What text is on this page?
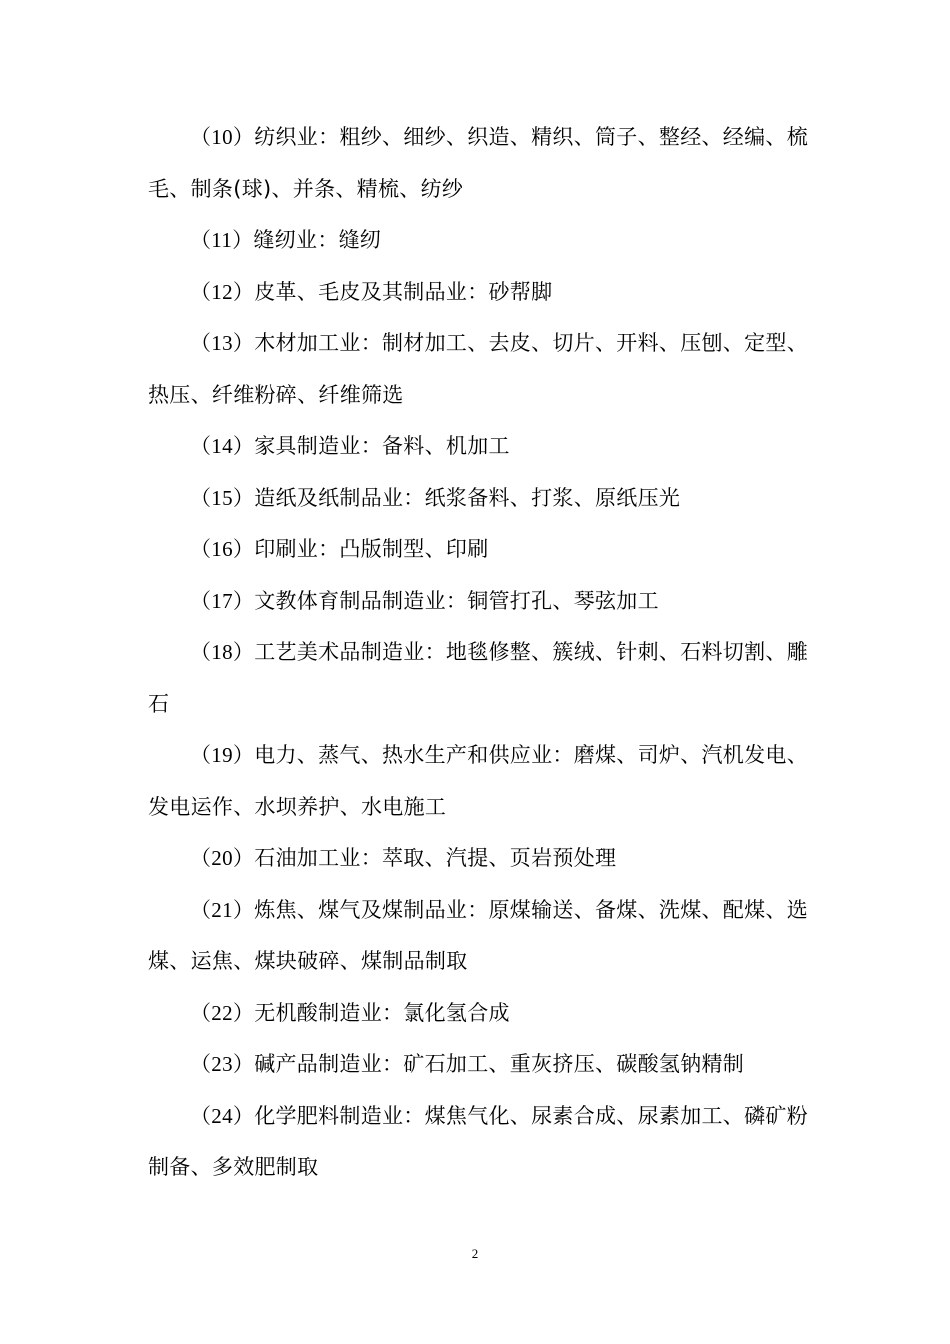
（10）纺织业：粗纱、细纱、织造、精织、筒子、整经、经编、梳毛、制条(球)、并条、精梳、纺纱

（11）缝纫业：缝纫

（12）皮革、毛皮及其制品业：砂帮脚

（13）木材加工业：制材加工、去皮、切片、开料、压刨、定型、热压、纤维粉碎、纤维筛选

（14）家具制造业：备料、机加工

（15）造纸及纸制品业：纸浆备料、打浆、原纸压光

（16）印刷业：凸版制型、印刷

（17）文教体育制品制造业：铜管打孔、琴弦加工

（18）工艺美术品制造业：地毯修整、簇绒、针刺、石料切割、雕石

（19）电力、蒸气、热水生产和供应业：磨煤、司炉、汽机发电、发电运作、水坝养护、水电施工

（20）石油加工业：萃取、汽提、页岩预处理

（21）炼焦、煤气及煤制品业：原煤输送、备煤、洗煤、配煤、选煤、运焦、煤块破碎、煤制品制取

（22）无机酸制造业：氯化氢合成

（23）碱产品制造业：矿石加工、重灰挤压、碳酸氢钠精制

（24）化学肥料制造业：煤焦气化、尿素合成、尿素加工、磷矿粉制备、多效肥制取

2
